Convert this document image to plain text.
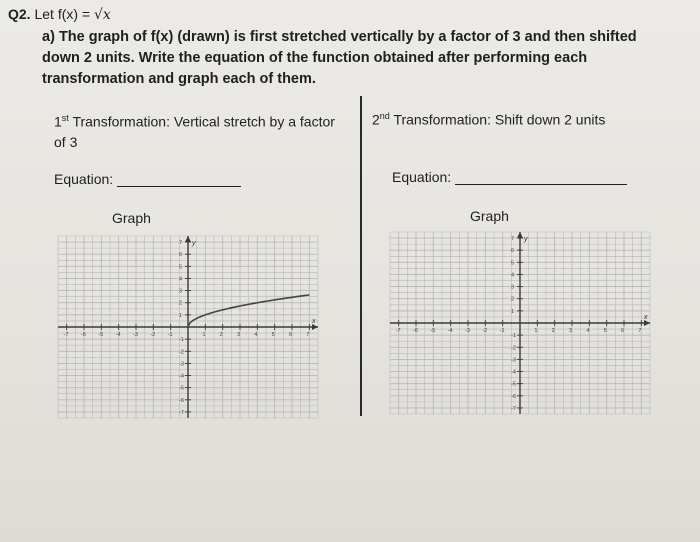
Q2. Let f(x) = √x
a) The graph of f(x) (drawn) is first stretched vertically by a factor of 3 and then shifted down 2 units. Write the equation of the function obtained after performing each transformation and graph each of them.
1st Transformation: Vertical stretch by a factor of 3
2nd Transformation: Shift down 2 units
Equation:	Equation:
Graph	Graph
x
y
-7 -6 -5 -4 -3 -2 -1	1	2	3	4	5	6	7
7
6
5
4
3
2
1
-1
-2
-3
-4
-5
-6
-7
x
y
-7 -6 -5 -4 -3 -2 -1	1	2	3	4	5	6	7
7
6
5
4
3
2
1
-1
-2
-3
-4
-5
-6
-7
